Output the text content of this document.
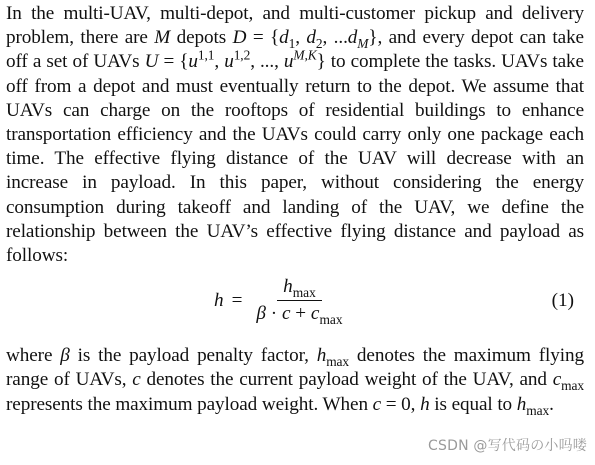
In the multi-UAV, multi-depot, and multi-customer pickup and delivery problem, there are M depots $D = \{d_1$, $d_2$, $...d_M$}, and every depot can take off a set of UAVs $U = \{u^{1,1}$, $u^{1,2}$, ..., $u^{M,K}$} to complete the tasks. UAVs take off from a depot and must eventually return to the depot. We assume that UAVs can charge on the rooftops of residential buildings to enhance transportation efficiency and the UAVs could carry only one package each time. The effective flying distance of the UAV will decrease with an increase in payload. In this paper, without considering the energy consumption during takeoff and landing of the UAV, we define the relationship between the UAV’s effective flying distance and payload as follows:

$h = \frac{h_{max}}{\beta \cdot c + c_{max}}$	(1)

where β is the payload penalty factor, $h_{max}$ denotes the maximum flying range of UAVs, c denotes the current payload weight of the UAV, and $c_{max}$ represents the maximum payload weight. When c = 0, h is equal to $h_{max}$.

CSDN @写代码の小吗喽
